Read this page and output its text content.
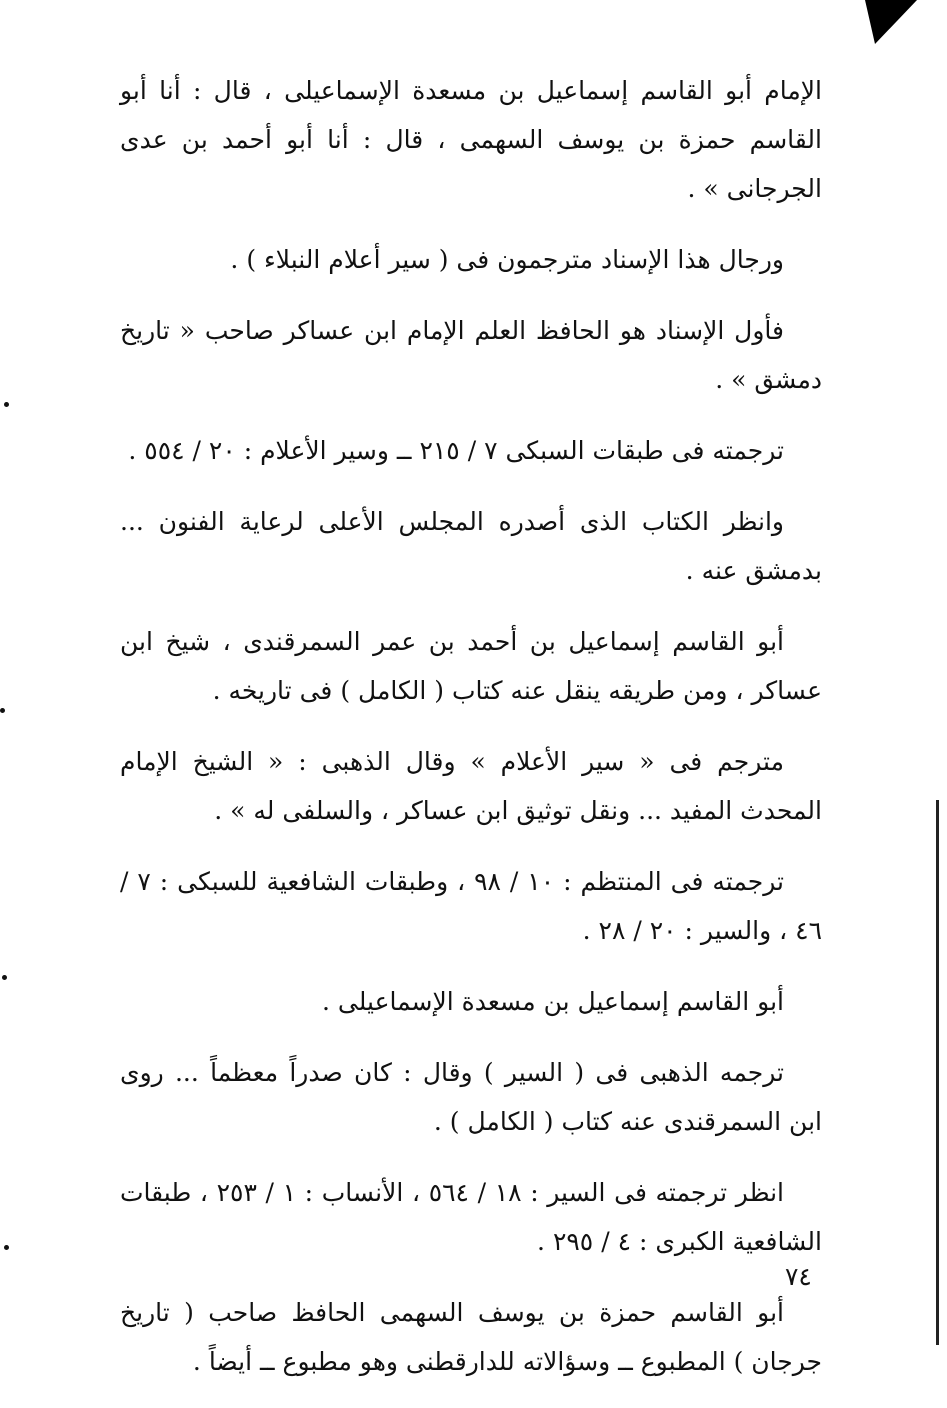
الإمام أبو القاسم إسماعيل بن مسعدة الإسماعيلى ، قال : أنا أبو القاسم حمزة بن يوسف السهمى ، قال : أنا أبو أحمد بن عدى الجرجانى » .

ورجال هذا الإسناد مترجمون فى ( سير أعلام النبلاء ) .

فأول الإسناد هو الحافظ العلم الإمام ابن عساكر صاحب « تاريخ دمشق » .

ترجمته فى طبقات السبكى ٧ / ٢١٥ ــ وسير الأعلام : ٢٠ / ٥٥٤ .

وانظر الكتاب الذى أصدره المجلس الأعلى لرعاية الفنون ... بدمشق عنه .

أبو القاسم إسماعيل بن أحمد بن عمر السمرقندى ، شيخ ابن عساكر ، ومن طريقه ينقل عنه كتاب ( الكامل ) فى تاريخه .

مترجم فى « سير الأعلام » وقال الذهبى : « الشيخ الإمام المحدث المفيد ... ونقل توثيق ابن عساكر ، والسلفى له » .

ترجمته فى المنتظم : ١٠ / ٩٨ ، وطبقات الشافعية للسبكى : ٧ / ٤٦ ، والسير : ٢٠ / ٢٨ .

أبو القاسم إسماعيل بن مسعدة الإسماعيلى .

ترجمه الذهبى فى ( السير ) وقال : كان صدراً معظماً ... روى ابن السمرقندى عنه كتاب ( الكامل ) .

انظر ترجمته فى السير : ١٨ / ٥٦٤ ، الأنساب : ١ / ٢٥٣ ، طبقات الشافعية الكبرى : ٤ / ٢٩٥ .

أبو القاسم حمزة بن يوسف السهمى الحافظ صاحب ( تاريخ جرجان ) المطبوع ــ وسؤالاته للدارقطنى وهو مطبوع ــ أيضاً .

٧٤
